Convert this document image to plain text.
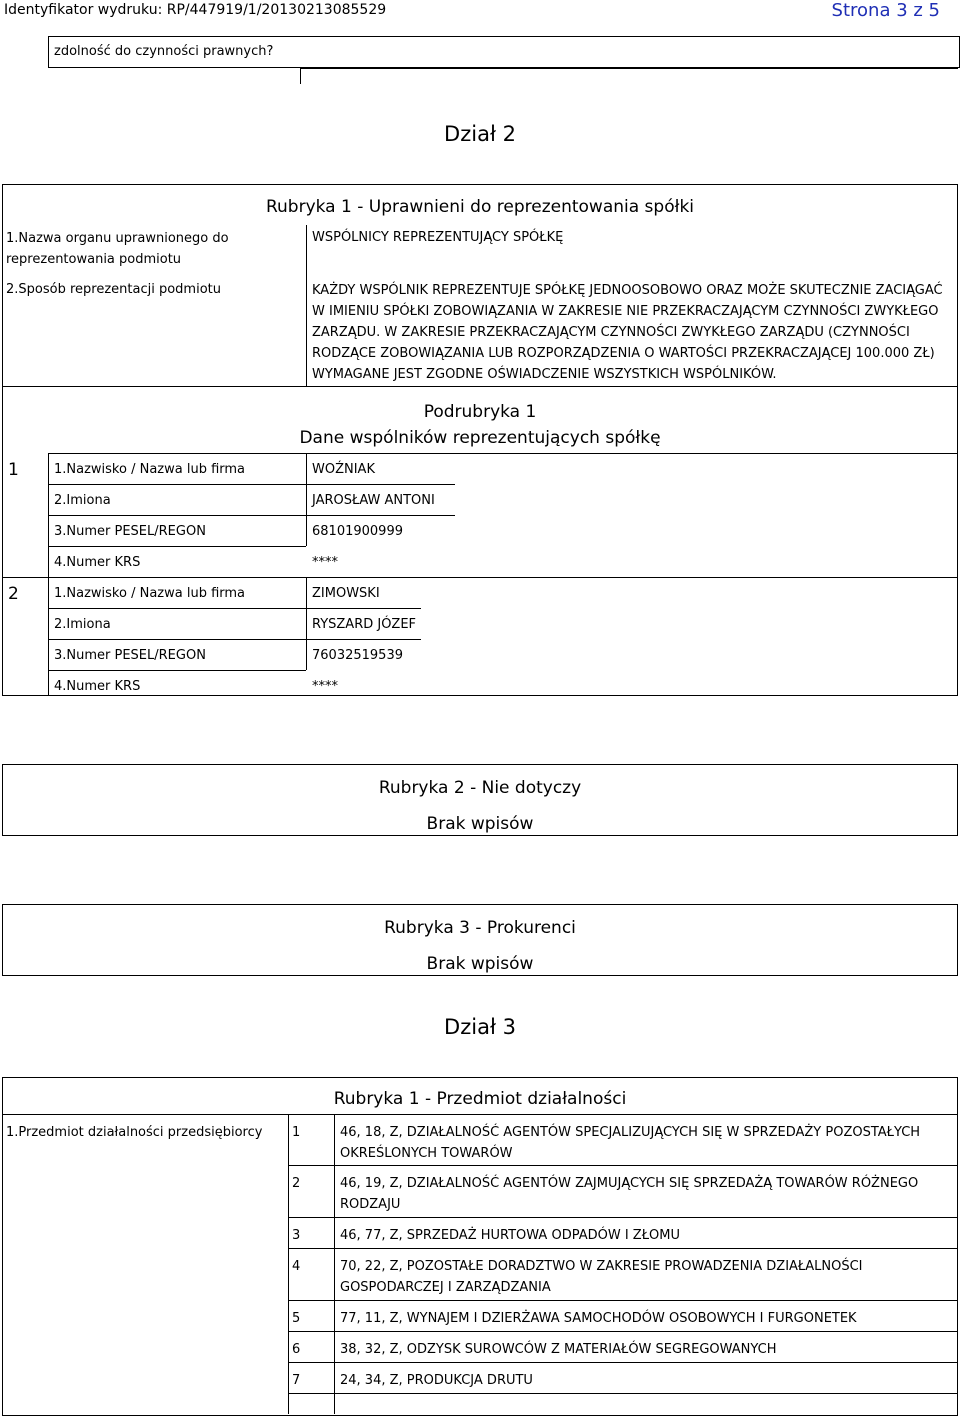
Identyfikator wydruku: RP/447919/1/20130213085529	Strona 3 z 5
zdolność do czynności prawnych?
Dział 2
Rubryka 1 - Uprawnieni do reprezentowania spółki
1.Nazwa organu uprawnionego do reprezentowania podmiotu
WSPÓLNICY REPREZENTUJĄCY SPÓŁKĘ
2.Sposób reprezentacji podmiotu	KAŻDY WSPÓLNIK REPREZENTUJE SPÓŁKĘ JEDNOOSOBOWO ORAZ MOŻE SKUTECZNIE ZACIĄGAĆ W IMIENIU SPÓŁKI ZOBOWIĄZANIA W ZAKRESIE NIE PRZEKRACZAJĄCYM CZYNNOŚCI ZWYKŁEGO ZARZĄDU. W ZAKRESIE PRZEKRACZAJĄCYM CZYNNOŚCI ZWYKŁEGO ZARZĄDU (CZYNNOŚCI RODZĄCE ZOBOWIĄZANIA LUB ROZPORZĄDZENIA O WARTOŚCI PRZEKRACZAJĄCEJ 100.000 ZŁ) WYMAGANE JEST ZGODNE OŚWIADCZENIE WSZYSTKICH WSPÓLNIKÓW.
Podrubryka 1
Dane wspólników reprezentujących spółkę
1	1.Nazwisko / Nazwa lub firma	WOŹNIAK
2.Imiona	JAROSŁAW ANTONI
3.Numer PESEL/REGON	68101900999
4.Numer KRS	****
2	1.Nazwisko / Nazwa lub firma	ZIMOWSKI
2.Imiona	RYSZARD JÓZEF
3.Numer PESEL/REGON	76032519539
4.Numer KRS	****
Rubryka 2 - Nie dotyczy
Brak wpisów
Rubryka 3 - Prokurenci
Brak wpisów
Dział 3
Rubryka 1 - Przedmiot działalności
1.Przedmiot działalności przedsiębiorcy 1	46, 18, Z, DZIAŁALNOŚĆ AGENTÓW SPECJALIZUJĄCYCH SIĘ W SPRZEDAŻY POZOSTAŁYCH OKREŚLONYCH TOWARÓW
2	46, 19, Z, DZIAŁALNOŚĆ AGENTÓW ZAJMUJĄCYCH SIĘ SPRZEDAŻĄ TOWARÓW RÓŻNEGO RODZAJU
3	46, 77, Z, SPRZEDAŻ HURTOWA ODPADÓW I ZŁOMU
4	70, 22, Z, POZOSTAŁE DORADZTWO W ZAKRESIE PROWADZENIA DZIAŁALNOŚCI GOSPODARCZEJ I ZARZĄDZANIA
5	77, 11, Z, WYNAJEM I DZIERŻAWA SAMOCHODÓW OSOBOWYCH I FURGONETEK
6	38, 32, Z, ODZYSK SUROWCÓW Z MATERIAŁÓW SEGREGOWANYCH
7	24, 34, Z, PRODUKCJA DRUTU
